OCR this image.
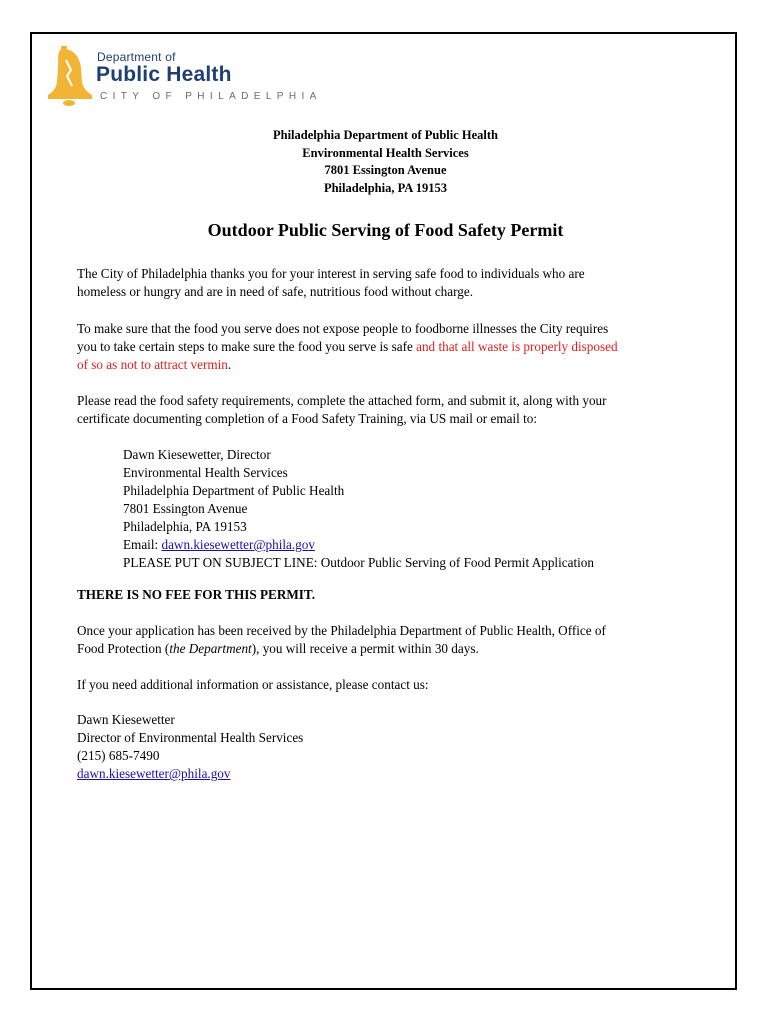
Department of
Public Health
CITY OF PHILADELPHIA
Philadelphia Department of Public Health
Environmental Health Services
7801 Essington Avenue
Philadelphia, PA 19153
Outdoor Public Serving of Food Safety Permit
The City of Philadelphia thanks you for your interest in serving safe food to individuals who are
homeless or hungry and are in need of safe, nutritious food without charge.
To make sure that the food you serve does not expose people to foodborne illnesses the City requires
you to take certain steps to make sure the food you serve is safe and that all waste is properly disposed
of so as not to attract vermin.
Please read the food safety requirements, complete the attached form, and submit it, along with your
certificate documenting completion of a Food Safety Training, via US mail or email to:
Dawn Kiesewetter, Director
Environmental Health Services
Philadelphia Department of Public Health
7801 Essington Avenue
Philadelphia, PA 19153
Email: dawn.kiesewetter@phila.gov
PLEASE PUT ON SUBJECT LINE: Outdoor Public Serving of Food Permit Application
THERE IS NO FEE FOR THIS PERMIT.
Once your application has been received by the Philadelphia Department of Public Health, Office of
Food Protection (the Department), you will receive a permit within 30 days.
If you need additional information or assistance, please contact us:
Dawn Kiesewetter
Director of Environmental Health Services
(215) 685-7490
dawn.kiesewetter@phila.gov
